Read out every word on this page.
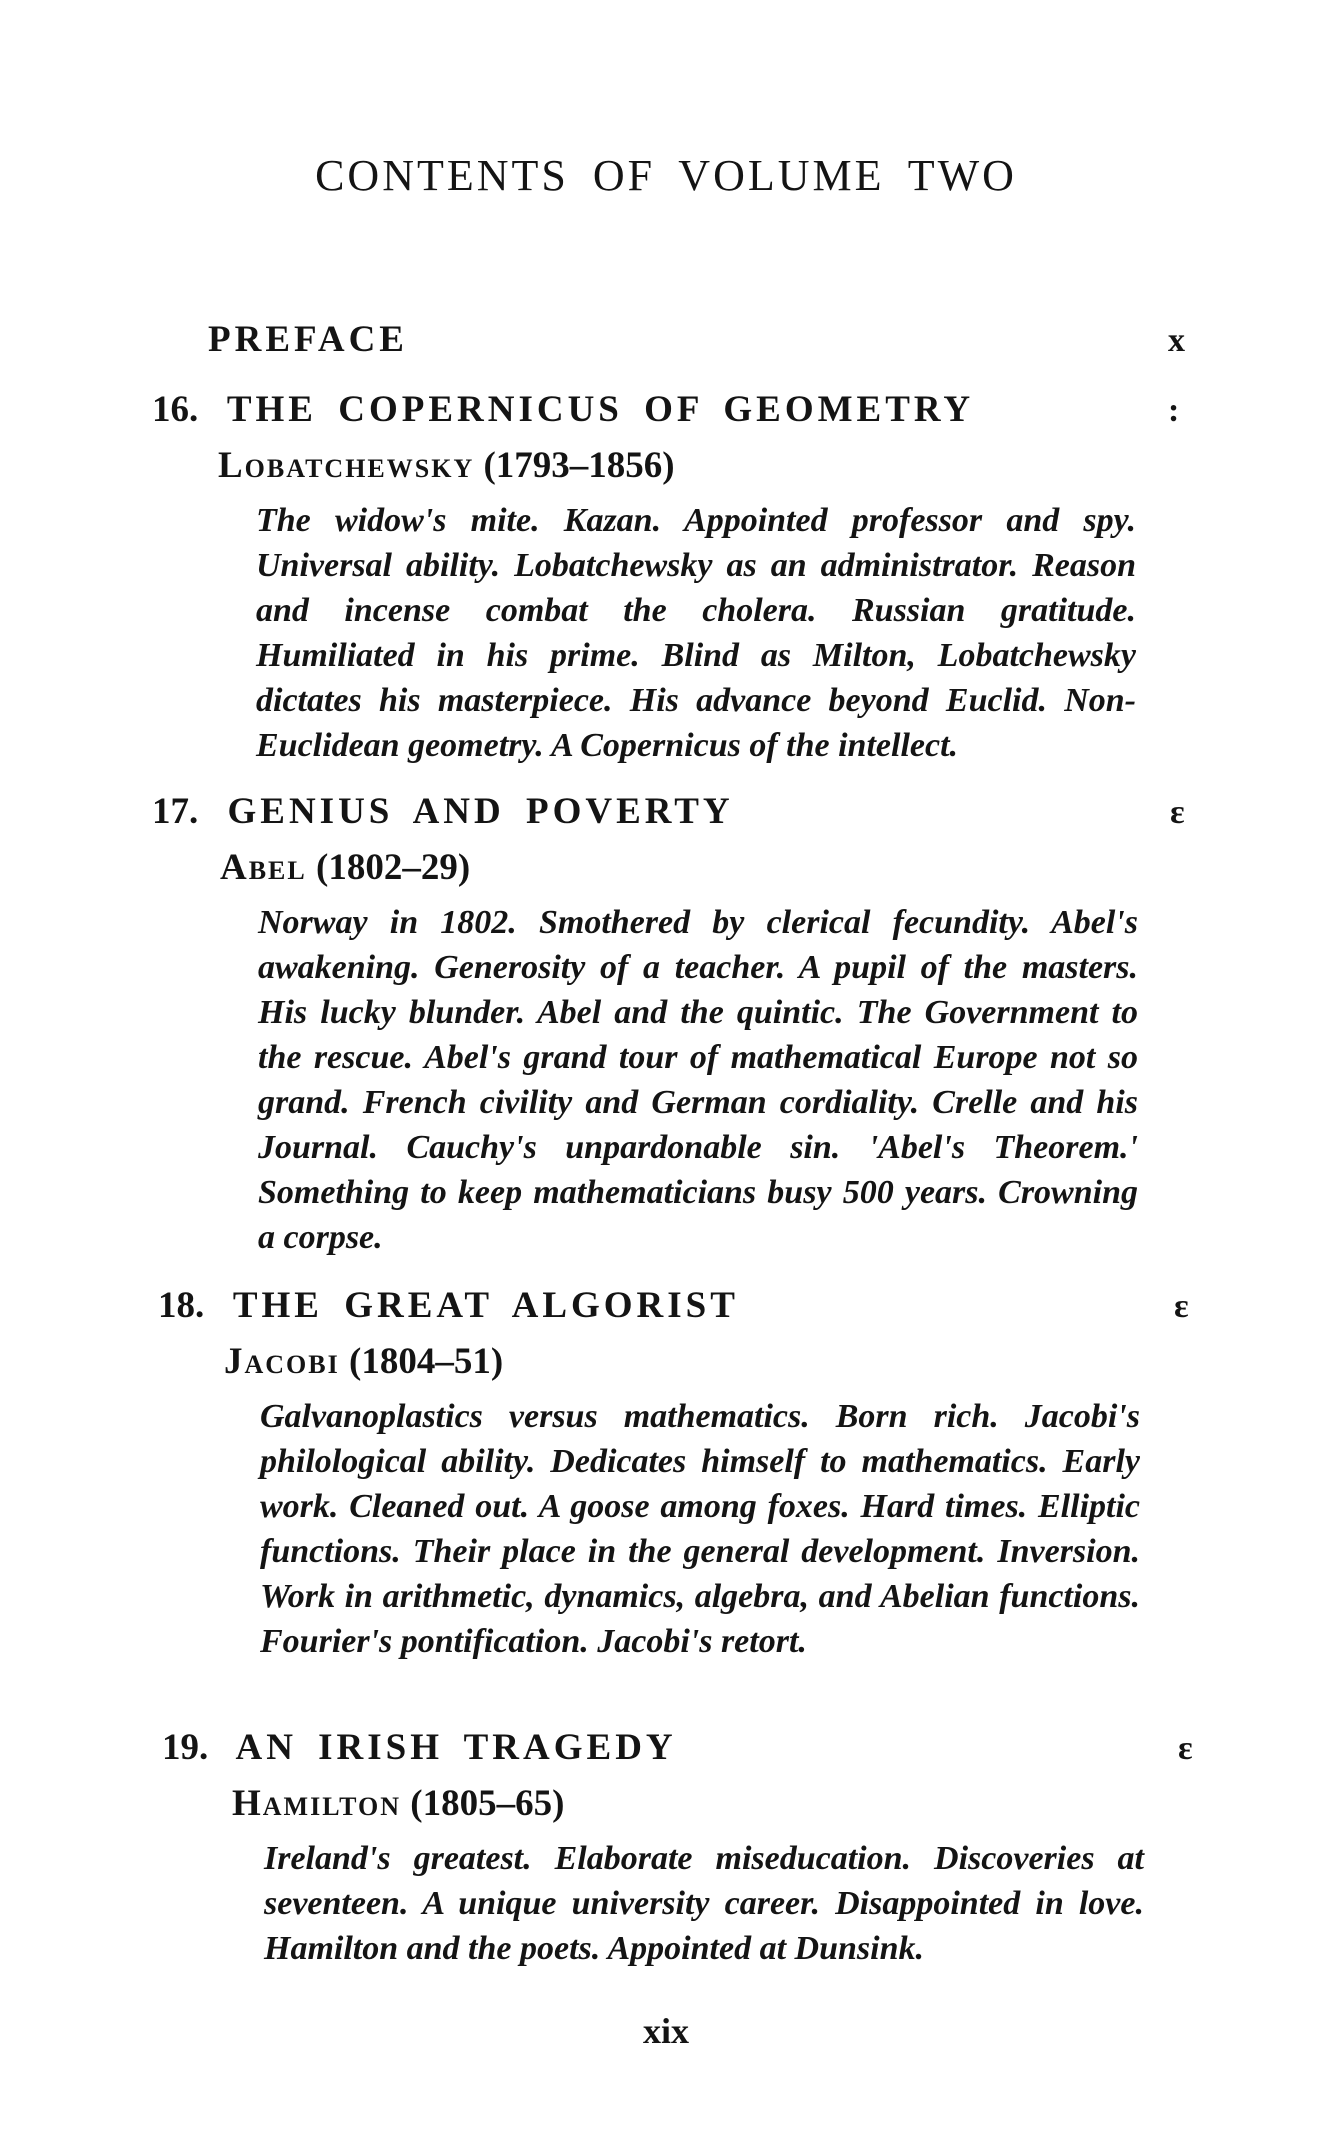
CONTENTS OF VOLUME TWO
PREFACE	x
16. THE COPERNICUS OF GEOMETRY	:
Lobatchewsky (1793–1856)

The widow's mite. Kazan. Appointed professor and spy. Universal ability. Lobatchewsky as an administrator. Reason and incense combat the cholera. Russian gratitude. Humiliated in his prime. Blind as Milton, Lobatchewsky dictates his masterpiece. His advance beyond Euclid. Non-Euclidean geometry. A Copernicus of the intellect.

17. GENIUS AND POVERTY	ɛ
Abel (1802–29)

Norway in 1802. Smothered by clerical fecundity. Abel's awakening. Generosity of a teacher. A pupil of the masters. His lucky blunder. Abel and the quintic. The Government to the rescue. Abel's grand tour of mathematical Europe not so grand. French civility and German cordiality. Crelle and his Journal. Cauchy's unpardonable sin. 'Abel's Theorem.' Something to keep mathematicians busy 500 years. Crowning a corpse.

18. THE GREAT ALGORIST	ɛ
Jacobi (1804–51)

Galvanoplastics versus mathematics. Born rich. Jacobi's philological ability. Dedicates himself to mathematics. Early work. Cleaned out. A goose among foxes. Hard times. Elliptic functions. Their place in the general development. Inversion. Work in arithmetic, dynamics, algebra, and Abelian functions. Fourier's pontification. Jacobi's retort.

19. AN IRISH TRAGEDY	ɛ
Hamilton (1805–65)

Ireland's greatest. Elaborate miseducation. Discoveries at seventeen. A unique university career. Disappointed in love. Hamilton and the poets. Appointed at Dunsink.

xix
